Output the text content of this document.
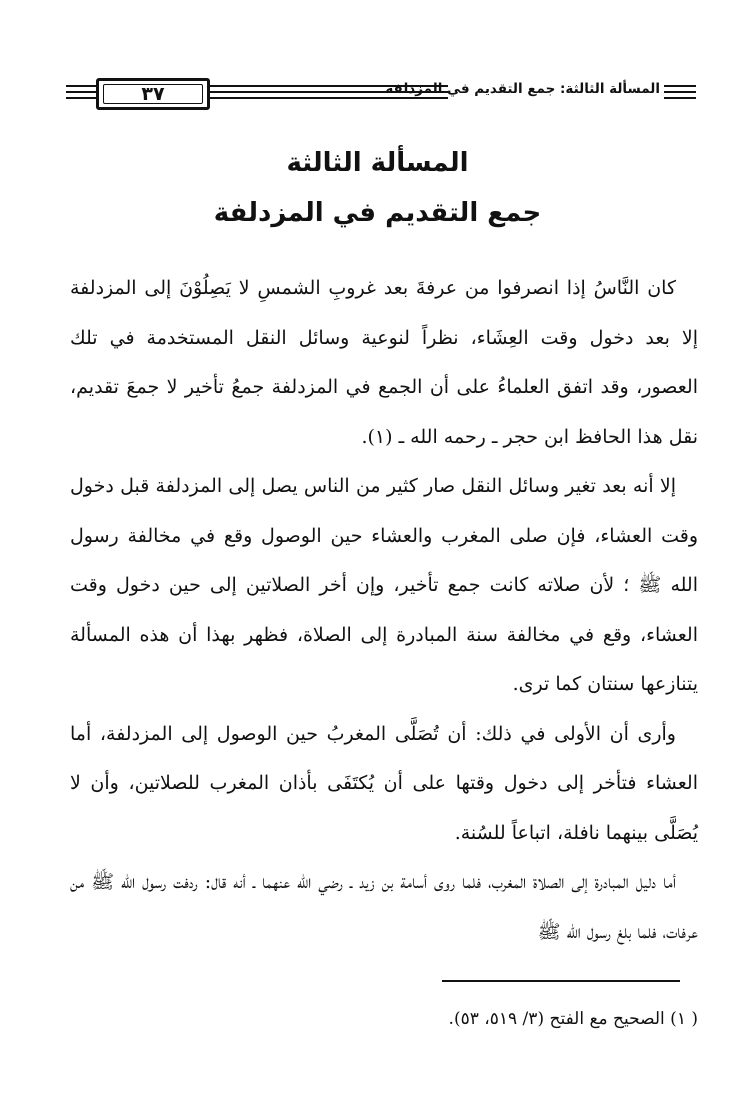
٣٧	المسألة الثالثة: جمع التقديم في المزدلفة
المسألة الثالثة
جمع التقديم في المزدلفة

كان النَّاسُ إذا انصرفوا من عرفةَ بعد غروبِ الشمسِ لا يَصِلُوْنَ إلى المزدلفة إلا بعد دخول وقت العِشَاء، نظراً لنوعية وسائل النقل المستخدمة في تلك العصور، وقد اتفق العلماءُ على أن الجمع في المزدلفة جمعُ تأخير لا جمعَ تقديم، نقل هذا الحافظ ابن حجر ـ رحمه الله ـ (١).

إلا أنه بعد تغير وسائل النقل صار كثير من الناس يصل إلى المزدلفة قبل دخول وقت العشاء، فإن صلى المغرب والعشاء حين الوصول وقع في مخالفة رسول الله ﷺ ؛ لأن صلاته كانت جمع تأخير، وإن أخر الصلاتين إلى حين دخول وقت العشاء، وقع في مخالفة سنة المبادرة إلى الصلاة، فظهر بهذا أن هذه المسألة يتنازعها سنتان كما ترى.

وأرى أن الأولى في ذلك: أن تُصَلَّى المغربُ حين الوصول إلى المزدلفة، أما العشاء فتأخر إلى دخول وقتها على أن يُكتَفَى بأذان المغرب للصلاتين، وأن لا يُصَلَّى بينهما نافلة، اتباعاً للسُنة.

أما دليل المبادرة إلى الصلاة المغرب، فلما روى أسامة بن زيد ـ رضي الله عنهما ـ أنه قال: ردفت رسول الله ﷺ من عرفات، فلما بلغ رسول الله ﷺ

( ١) الصحيح مع الفتح (٣/ ٥١٩، ٥٣).
